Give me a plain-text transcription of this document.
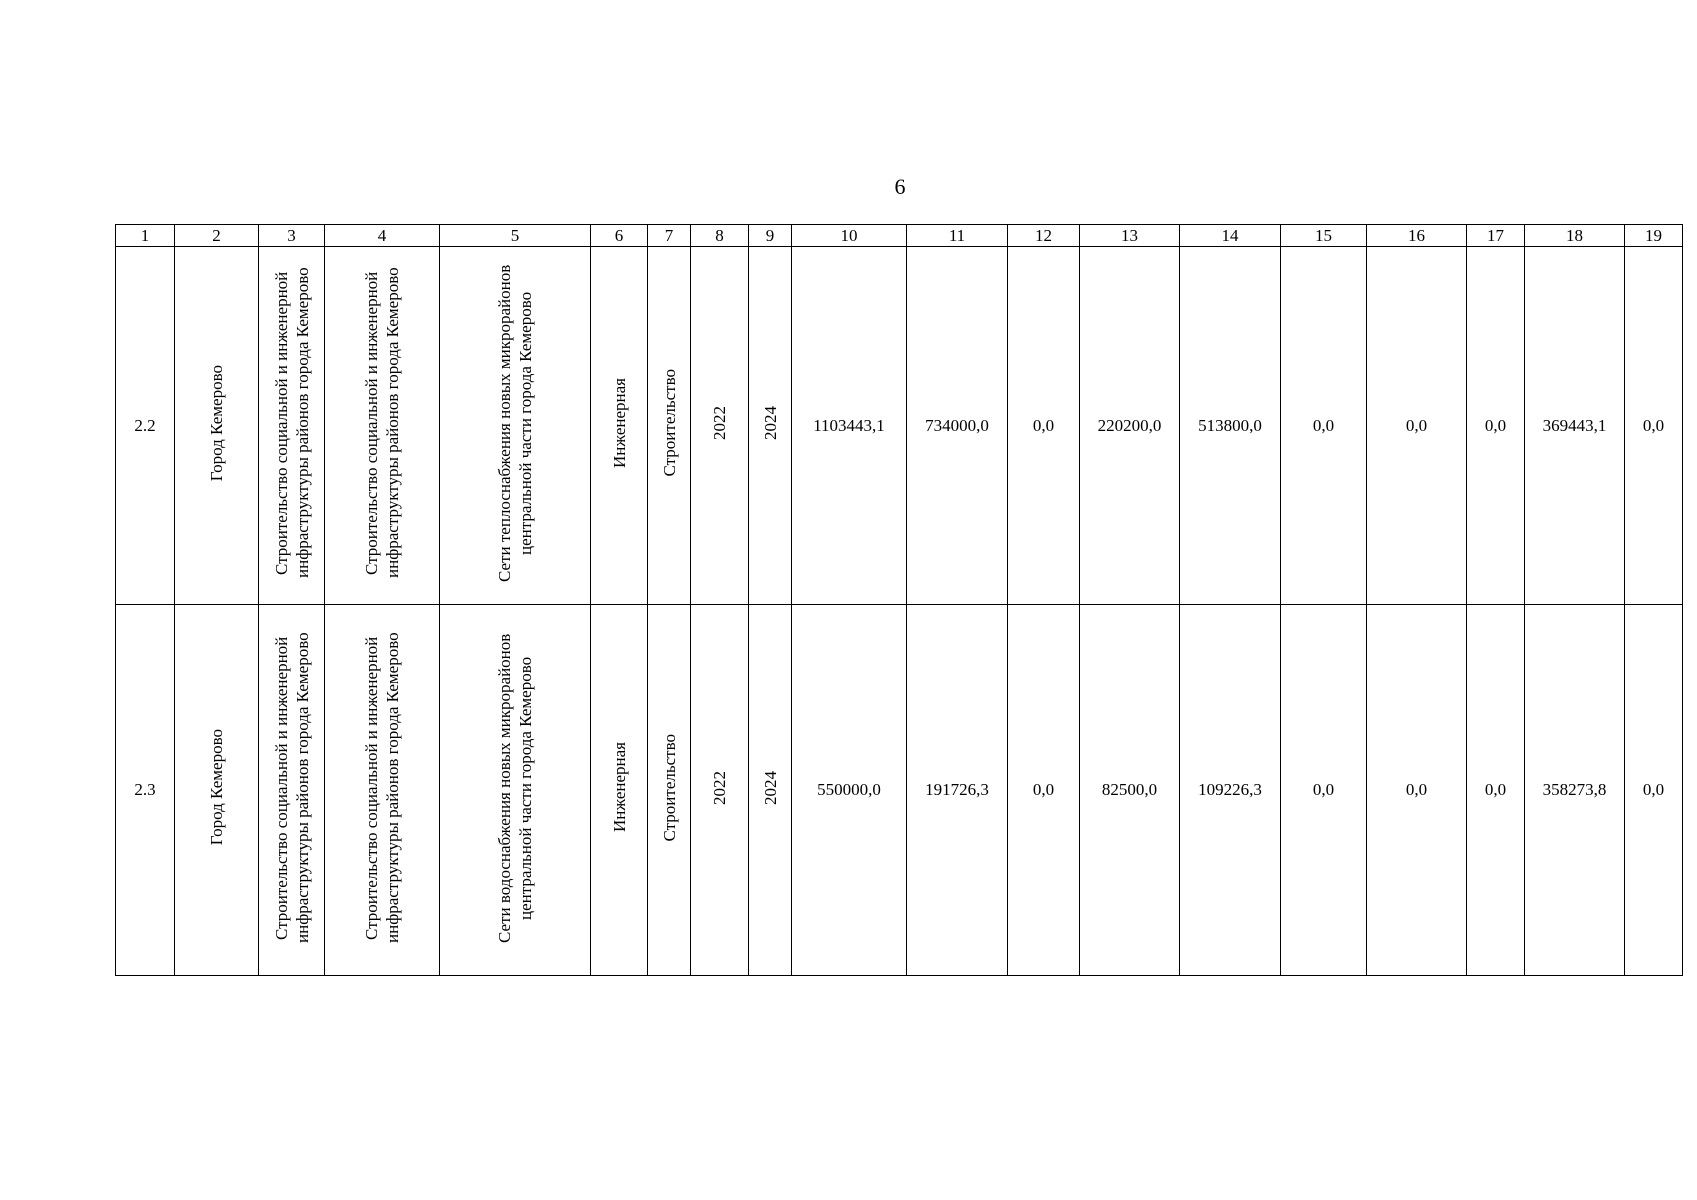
6
1	2	3	4	5	6	7	8	9	10	11	12	13	14	15	16	17	18	19
2.2	Город Кемерово	Строительство социальной и инженерной инфраструктуры районов города Кемерово	Строительство социальной и инженерной инфраструктуры районов города Кемерово	Сети теплоснабжения новых микрорайонов центральной части города Кемерово	Инженерная	Строительство	2022	2024	1103443,1	734000,0	0,0	220200,0	513800,0	0,0	0,0	0,0	369443,1	0,0
2.3	Город Кемерово	Строительство социальной и инженерной инфраструктуры районов города Кемерово	Строительство социальной и инженерной инфраструктуры районов города Кемерово	Сети водоснабжения новых микрорайонов центральной части города Кемерово	Инженерная	Строительство	2022	2024	550000,0	191726,3	0,0	82500,0	109226,3	0,0	0,0	0,0	358273,8	0,0
